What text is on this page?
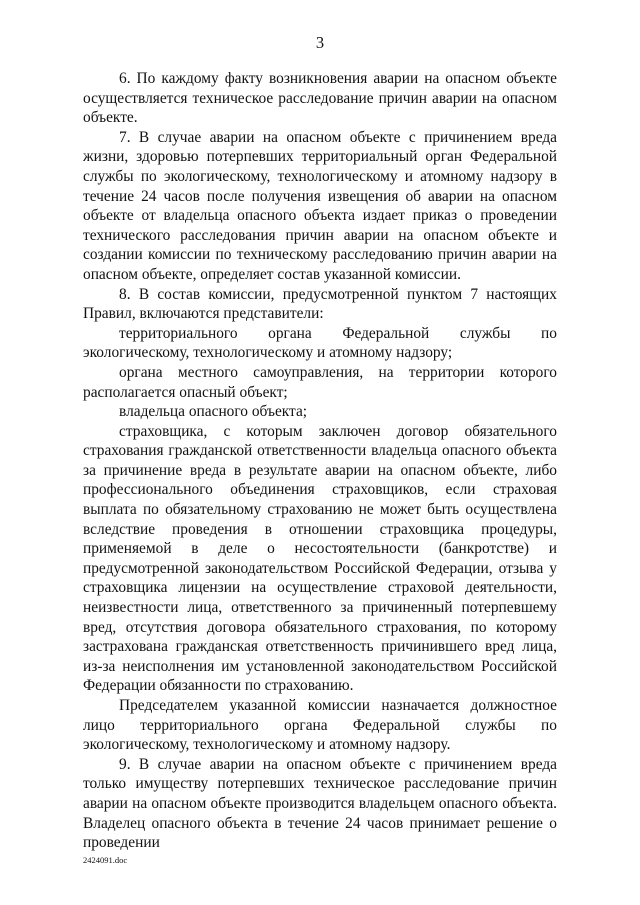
3

6. По каждому факту возникновения аварии на опасном объекте осуществляется техническое расследование причин аварии на опасном объекте.

7. В случае аварии на опасном объекте с причинением вреда жизни, здоровью потерпевших территориальный орган Федеральной службы по экологическому, технологическому и атомному надзору в течение 24 часов после получения извещения об аварии на опасном объекте от владельца опасного объекта издает приказ о проведении технического расследования причин аварии на опасном объекте и создании комиссии по техническому расследованию причин аварии на опасном объекте, определяет состав указанной комиссии.

8. В состав комиссии, предусмотренной пунктом 7 настоящих Правил, включаются представители:

территориального органа Федеральной службы по экологическому, технологическому и атомному надзору;

органа местного самоуправления, на территории которого располагается опасный объект;

владельца опасного объекта;

страховщика, с которым заключен договор обязательного страхования гражданской ответственности владельца опасного объекта за причинение вреда в результате аварии на опасном объекте, либо профессионального объединения страховщиков, если страховая выплата по обязательному страхованию не может быть осуществлена вследствие проведения в отношении страховщика процедуры, применяемой в деле о несостоятельности (банкротстве) и предусмотренной законодательством Российской Федерации, отзыва у страховщика лицензии на осуществление страховой деятельности, неизвестности лица, ответственного за причиненный потерпевшему вред, отсутствия договора обязательного страхования, по которому застрахована гражданская ответственность причинившего вред лица, из-за неисполнения им установленной законодательством Российской Федерации обязанности по страхованию.

Председателем указанной комиссии назначается должностное лицо территориального органа Федеральной службы по экологическому, технологическому и атомному надзору.

9. В случае аварии на опасном объекте с причинением вреда только имуществу потерпевших техническое расследование причин аварии на опасном объекте производится владельцем опасного объекта. Владелец опасного объекта в течение 24 часов принимает решение о проведении

2424091.doc
